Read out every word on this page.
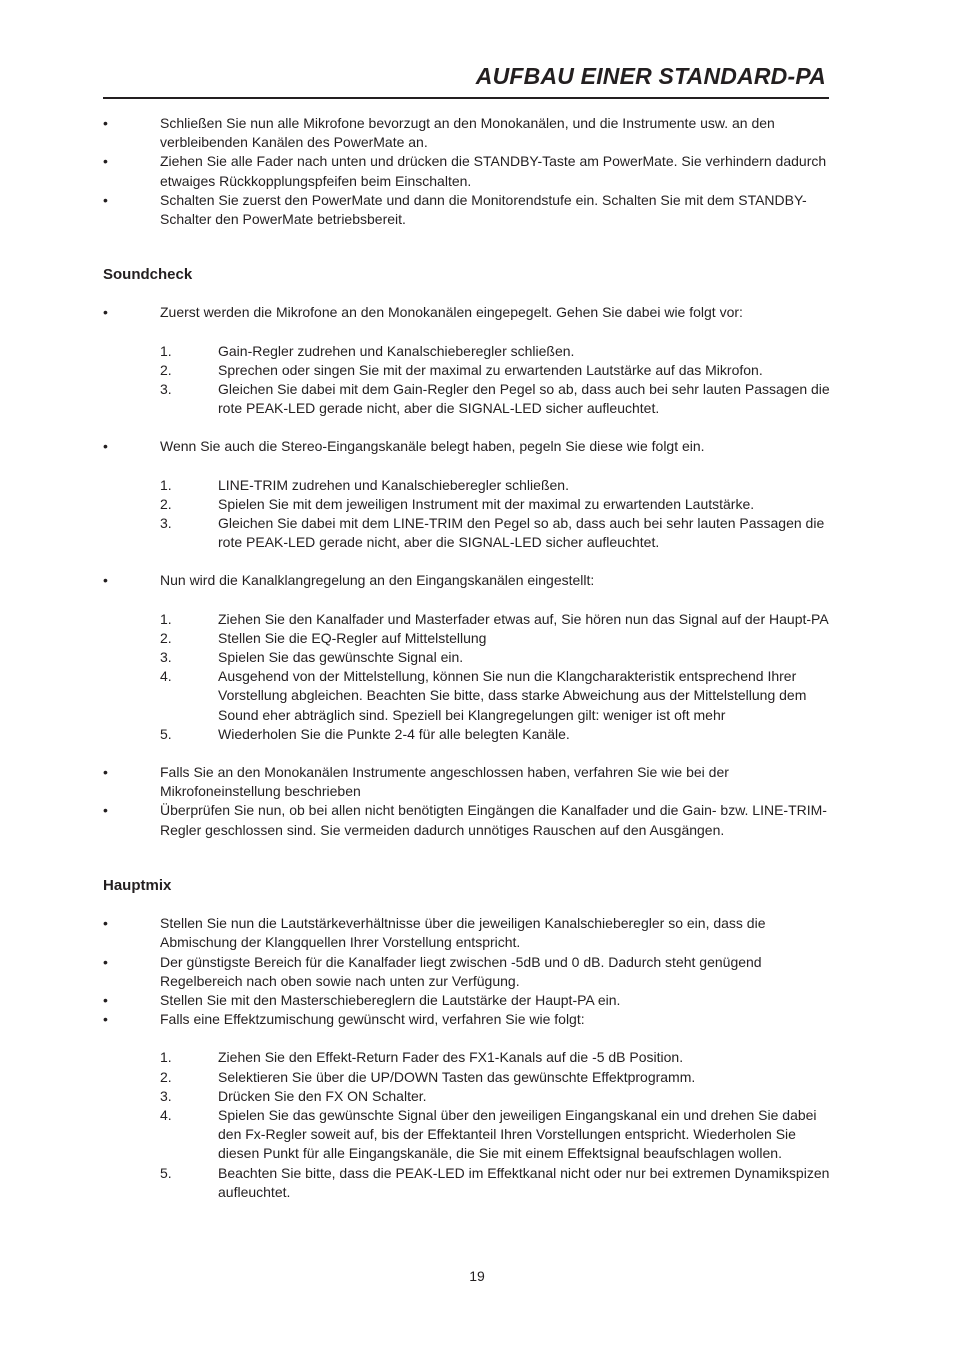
AUFBAU EINER STANDARD-PA
•	Schließen Sie nun alle Mikrofone bevorzugt an den Monokanälen, und die Instrumente usw. an den verbleibenden Kanälen des PowerMate an.
•	Ziehen Sie alle Fader nach unten und drücken die STANDBY-Taste am PowerMate. Sie verhindern dadurch etwaiges Rückkopplungspfeifen beim Einschalten.
•	Schalten Sie zuerst den PowerMate und dann die Monitorendstufe ein. Schalten Sie mit dem STANDBY-Schalter den PowerMate betriebsbereit.
Soundcheck
•	Zuerst werden die Mikrofone an den Monokanälen eingepegelt. Gehen Sie dabei wie folgt vor:
1.	Gain-Regler zudrehen und Kanalschieberegler schließen.
2.	Sprechen oder singen Sie mit der maximal zu erwartenden Lautstärke auf das Mikrofon.
3.	Gleichen Sie dabei mit dem Gain-Regler den Pegel so ab, dass auch bei sehr lauten Passagen die rote PEAK-LED gerade nicht, aber die SIGNAL-LED sicher aufleuchtet.
•	Wenn Sie auch die Stereo-Eingangskanäle belegt haben, pegeln Sie diese wie folgt ein.
1.	LINE-TRIM zudrehen und Kanalschieberegler schließen.
2.	Spielen Sie mit dem jeweiligen Instrument mit der maximal zu erwartenden Lautstärke.
3.	Gleichen Sie dabei mit dem LINE-TRIM den Pegel so ab, dass auch bei sehr lauten Passagen die rote PEAK-LED gerade nicht, aber die SIGNAL-LED sicher aufleuchtet.
•	Nun wird die Kanalklangregelung an den Eingangskanälen eingestellt:
1.	Ziehen Sie den Kanalfader und Masterfader etwas auf, Sie hören nun das Signal auf der Haupt-PA
2.	Stellen Sie die EQ-Regler auf Mittelstellung
3.	Spielen Sie das gewünschte Signal ein.
4.	Ausgehend von der Mittelstellung, können Sie nun die Klangcharakteristik entsprechend Ihrer Vorstellung abgleichen. Beachten Sie bitte, dass starke Abweichung aus der Mittelstellung dem Sound eher abträglich sind. Speziell bei Klangregelungen gilt: weniger ist oft mehr
5.	Wiederholen Sie die Punkte 2-4 für alle belegten Kanäle.
•	Falls Sie an den Monokanälen Instrumente angeschlossen haben, verfahren Sie wie bei der Mikrofoneinstellung beschrieben
•	Überprüfen Sie nun, ob bei allen nicht benötigten Eingängen die Kanalfader und die Gain- bzw. LINE-TRIM-Regler geschlossen sind. Sie vermeiden dadurch unnötiges Rauschen auf den Ausgängen.
Hauptmix
•	Stellen Sie nun die Lautstärkeverhältnisse über die jeweiligen Kanalschieberegler so ein, dass die Abmischung der Klangquellen Ihrer Vorstellung entspricht.
•	Der günstigste Bereich für die Kanalfader liegt zwischen -5dB und 0 dB. Dadurch steht genügend Regelbereich nach oben sowie nach unten zur Verfügung.
•	Stellen Sie mit den Masterschiebereglern die Lautstärke der Haupt-PA ein.
•	Falls eine Effektzumischung gewünscht wird, verfahren Sie wie folgt:
1.	Ziehen Sie den Effekt-Return Fader des FX1-Kanals auf die -5 dB Position.
2.	Selektieren Sie über die UP/DOWN Tasten das gewünschte Effektprogramm.
3.	Drücken Sie den FX ON Schalter.
4.	Spielen Sie das gewünschte Signal über den jeweiligen Eingangskanal ein und drehen Sie dabei den Fx-Regler soweit auf, bis der Effektanteil Ihren Vorstellungen entspricht. Wiederholen Sie diesen Punkt für alle Eingangskanäle, die Sie mit einem Effektsignal beaufschlagen wollen.
5.	Beachten Sie bitte, dass die PEAK-LED im Effektkanal nicht oder nur bei extremen Dynamikspizen aufleuchtet.
19
